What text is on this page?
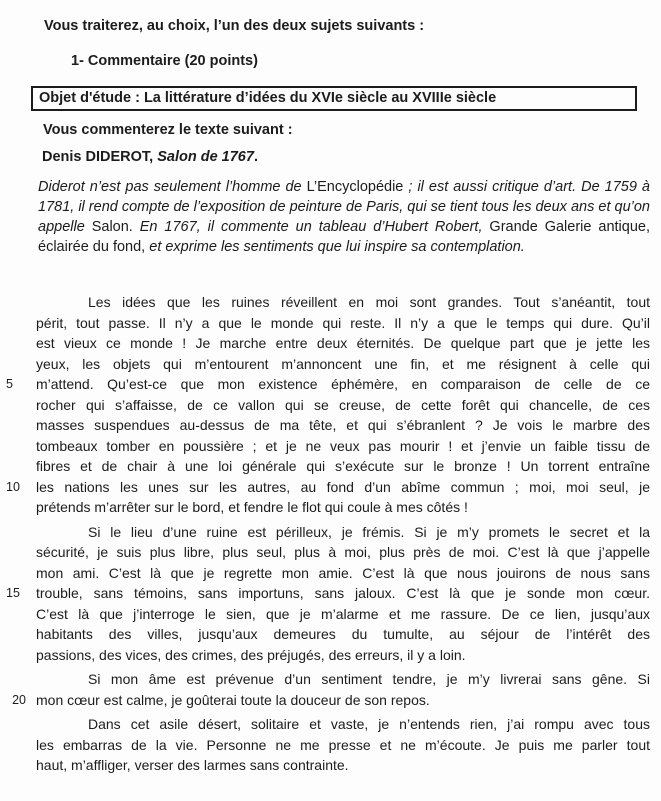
Vous traiterez, au choix, l’un des deux sujets suivants :
1- Commentaire (20 points)
Objet d'étude : La littérature d’idées du XVIe siècle au XVIIIe siècle
Vous commenterez le texte suivant :
Denis DIDEROT, Salon de 1767.
Diderot n’est pas seulement l’homme de L’Encyclopédie ; il est aussi critique d’art. De 1759 à 1781, il rend compte de l’exposition de peinture de Paris, qui se tient tous les deux ans et qu’on appelle Salon. En 1767, il commente un tableau d’Hubert Robert, Grande Galerie antique, éclairée du fond, et exprime les sentiments que lui inspire sa contemplation.
Les idées que les ruines réveillent en moi sont grandes. Tout s’anéantit, tout
périt, tout passe. Il n’y a que le monde qui reste. Il n’y a que le temps qui dure. Qu’il
est vieux ce monde ! Je marche entre deux éternités. De quelque part que je jette les
yeux, les objets qui m’entourent m’annoncent une fin, et me résignent à celle qui
5	m’attend. Qu’est-ce que mon existence éphémère, en comparaison de celle de ce
rocher qui s’affaisse, de ce vallon qui se creuse, de cette forêt qui chancelle, de ces
masses suspendues au-dessus de ma tête, et qui s’ébranlent ? Je vois le marbre des
tombeaux tomber en poussière ; et je ne veux pas mourir ! et j’envie un faible tissu de
fibres et de chair à une loi générale qui s’exécute sur le bronze ! Un torrent entraîne
10	les nations les unes sur les autres, au fond d’un abîme commun ; moi, moi seul, je
prétends m’arrêter sur le bord, et fendre le flot qui coule à mes côtés !
Si le lieu d’une ruine est périlleux, je frémis. Si je m’y promets le secret et la
sécurité, je suis plus libre, plus seul, plus à moi, plus près de moi. C’est là que j’appelle
mon ami. C’est là que je regrette mon amie. C’est là que nous jouirons de nous sans
15	trouble, sans témoins, sans importuns, sans jaloux. C’est là que je sonde mon cœur.
C’est là que j’interroge le sien, que je m’alarme et me rassure. De ce lien, jusqu’aux
habitants des villes, jusqu’aux demeures du tumulte, au séjour de l’intérêt des
passions, des vices, des crimes, des préjugés, des erreurs, il y a loin.
Si mon âme est prévenue d’un sentiment tendre, je m’y livrerai sans gêne. Si
20 mon cœur est calme, je goûterai toute la douceur de son repos.
Dans cet asile désert, solitaire et vaste, je n’entends rien, j’ai rompu avec tous
les embarras de la vie. Personne ne me presse et ne m’écoute. Je puis me parler tout
haut, m’affliger, verser des larmes sans contrainte.
